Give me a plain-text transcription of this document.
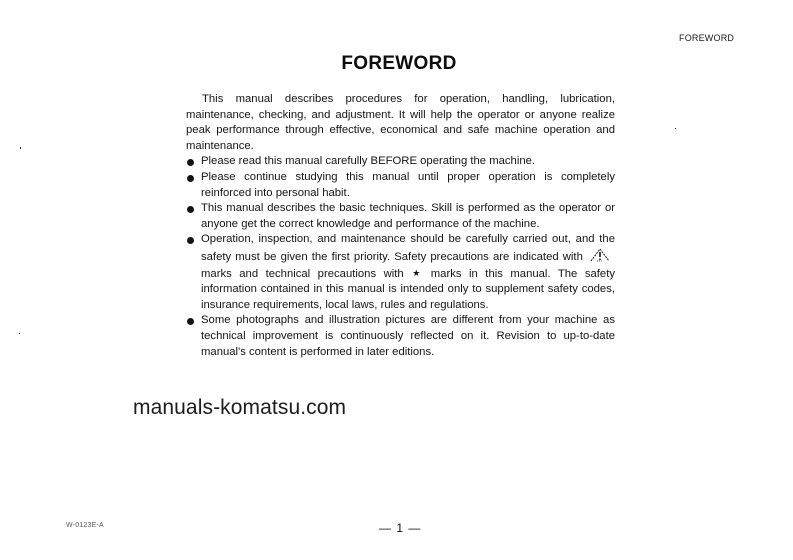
FOREWORD
FOREWORD

This manual describes procedures for operation, handling, lubrication, maintenance, checking, and adjustment. It will help the operator or anyone realize peak performance through effective, economical and safe machine operation and maintenance.

Please read this manual carefully BEFORE operating the machine.
Please continue studying this manual until proper operation is completely reinforced into personal habit.
This manual describes the basic techniques. Skill is performed as the operator or anyone get the correct knowledge and performance of the machine.
Operation, inspection, and maintenance should be carefully carried out, and the safety must be given the first priority. Safety precautions are indicated with
marks and technical precautions with ★ marks in this manual. The safety information contained in this manual is intended only to supplement safety codes, insurance requirements, local laws, rules and regulations.
Some photographs and illustration pictures are different from your machine as technical improvement is continuously reflected on it. Revision to up-to-date manual's content is performed in later editions.
manuals-komatsu.com
W-0123E-A	— 1 —
